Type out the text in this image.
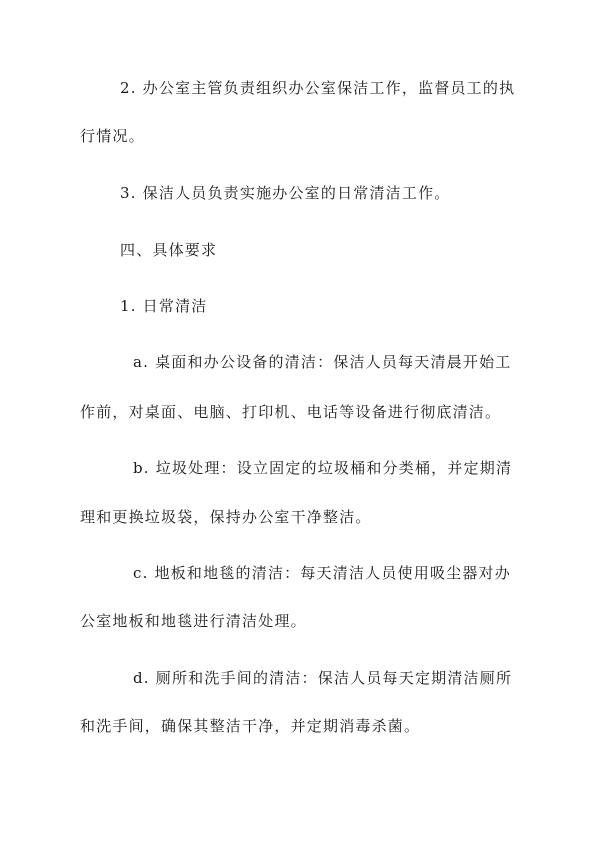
2. 办公室主管负责组织办公室保洁工作，监督员工的执
行情况。
3. 保洁人员负责实施办公室的日常清洁工作。
四、具体要求
1. 日常清洁
a. 桌面和办公设备的清洁：保洁人员每天清晨开始工
作前，对桌面、电脑、打印机、电话等设备进行彻底清洁。
b. 垃圾处理：设立固定的垃圾桶和分类桶，并定期清
理和更换垃圾袋，保持办公室干净整洁。
c. 地板和地毯的清洁：每天清洁人员使用吸尘器对办
公室地板和地毯进行清洁处理。
d. 厕所和洗手间的清洁：保洁人员每天定期清洁厕所
和洗手间，确保其整洁干净，并定期消毒杀菌。
